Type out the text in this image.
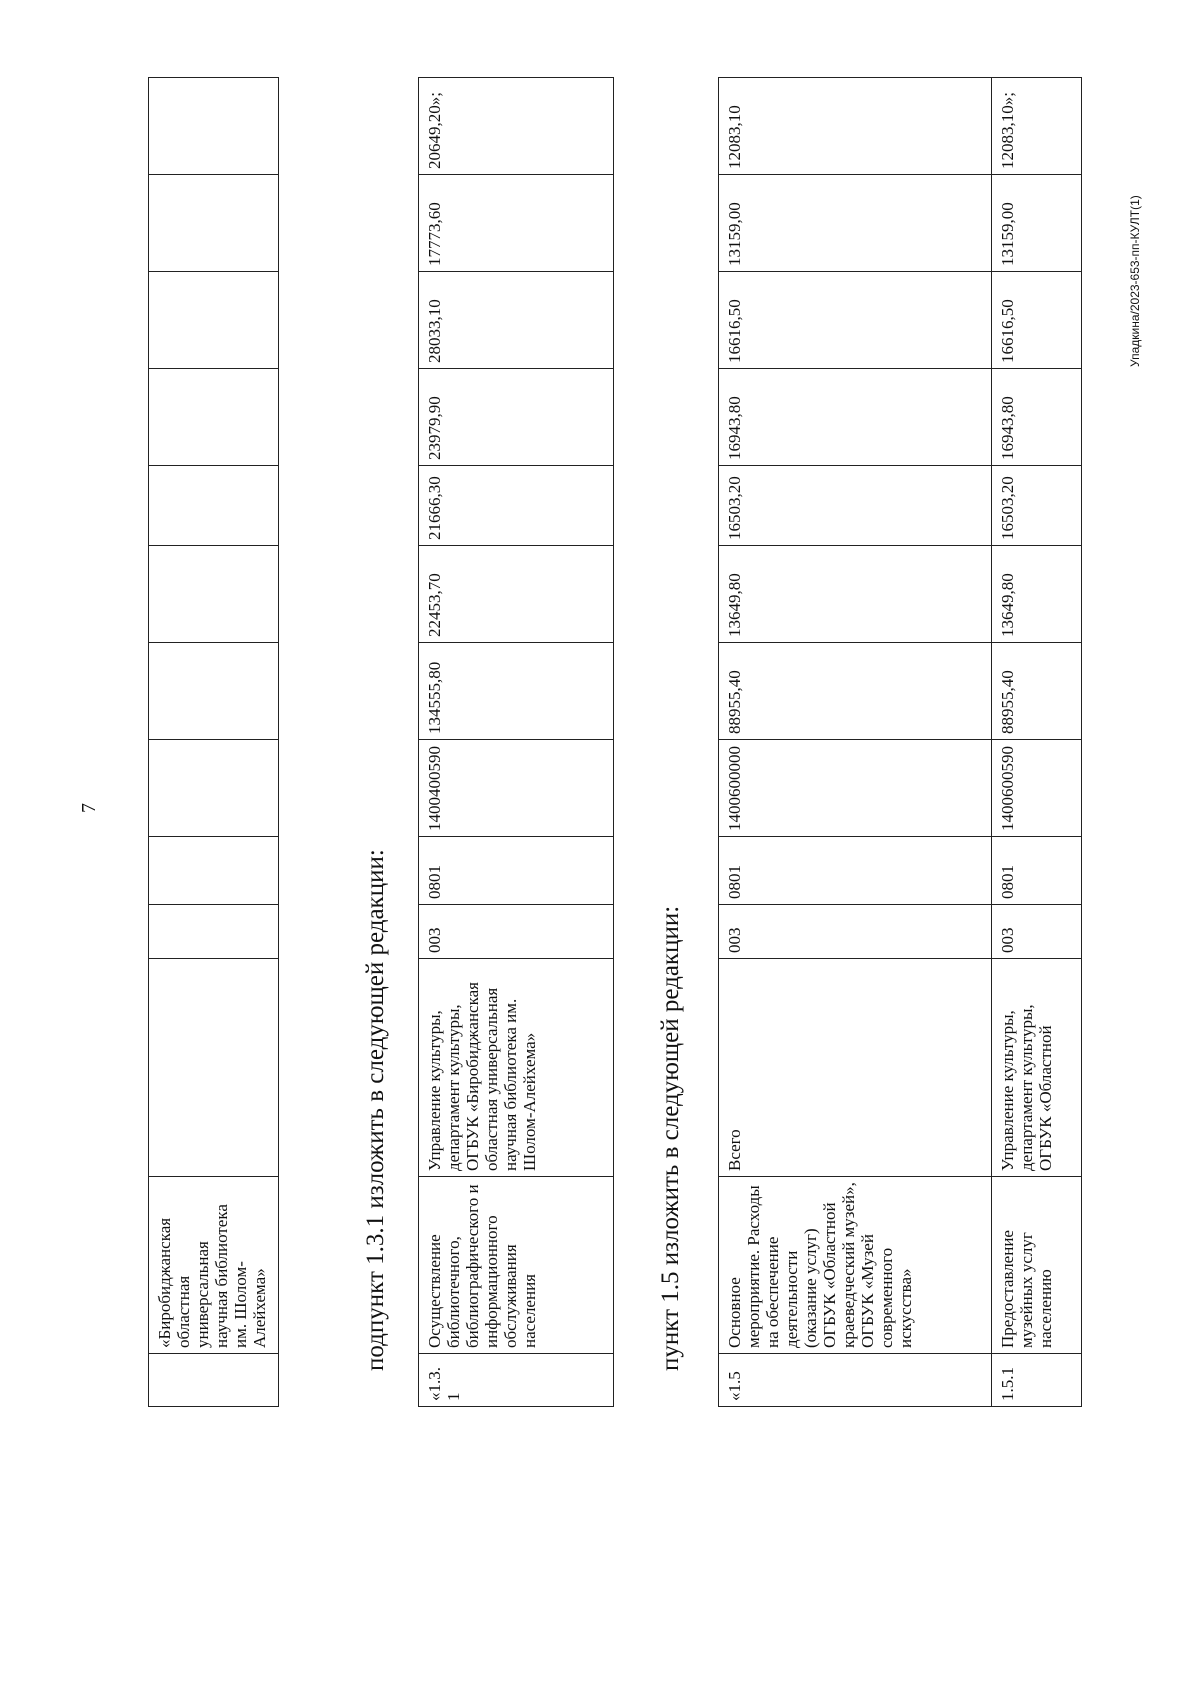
7
	«Биробиджанская областная универсальная научная библиотека им. Шолом-Алейхема»												подпункт 1.3.1 изложить в следующей редакции:
«1.3.1	Осуществление библиотечного, библиографического и информационного обслуживания населения	Управление культуры, департамент культуры, ОГБУК «Биробиджанская областная универсальная научная библиотека им. Шолом-Алейхема»	003	0801	1400400590	134555,80	22453,70	21666,30	23979,90	28033,10	17773,60	20649,20»;
пункт 1.5 изложить в следующей редакции:
«1.5	Основное мероприятие. Расходы на обеспечение деятельности (оказание услуг) ОГБУК «Областной краеведческий музей», ОГБУК «Музей современного искусства»	Всего	003	0801	1400600000	88955,40	13649,80	16503,20	16943,80	16616,50	13159,00	12083,10
1.5.1	Предоставление музейных услуг населению	Управление культуры, департамент культуры, ОГБУК «Областной	003	0801	1400600590	88955,40	13649,80	16503,20	16943,80	16616,50	13159,00	12083,10»;
Упадкина/2023-653-пп-КУЛТ(1)
